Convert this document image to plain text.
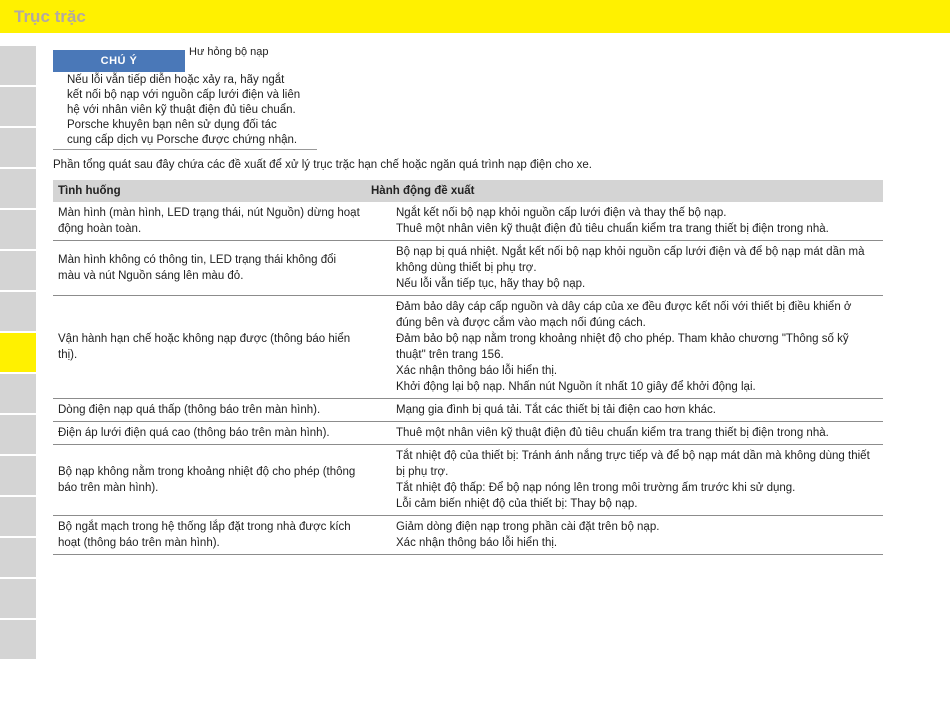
Trục trặc
CHÚ Ý
Hư hỏng bộ nạp
Nếu lỗi vẫn tiếp diễn hoặc xảy ra, hãy ngắt
kết nối bộ nạp với nguồn cấp lưới điện và liên
hệ với nhân viên kỹ thuật điện đủ tiêu chuẩn.
Porsche khuyên bạn nên sử dụng đối tác
cung cấp dịch vụ Porsche được chứng nhận.
Phần tổng quát sau đây chứa các đề xuất để xử lý trục trặc hạn chế hoặc ngăn quá trình nạp điện cho xe.
Tình huống	Hành động đề xuất
Màn hình (màn hình, LED trạng thái, nút Nguồn) dừng hoạt động hoàn toàn.	Ngắt kết nối bộ nạp khỏi nguồn cấp lưới điện và thay thế bộ nạp.
Thuê một nhân viên kỹ thuật điện đủ tiêu chuẩn kiểm tra trang thiết bị điện trong nhà.

Màn hình không có thông tin, LED trạng thái không đổi màu và nút Nguồn sáng lên màu đỏ.	Bộ nạp bị quá nhiệt. Ngắt kết nối bộ nạp khỏi nguồn cấp lưới điện và để bộ nạp mát dần mà không dùng thiết bị phụ trợ.
Nếu lỗi vẫn tiếp tục, hãy thay bộ nạp.

Vận hành hạn chế hoặc không nạp được (thông báo hiển thị).	Đảm bảo dây cáp cấp nguồn và dây cáp của xe đều được kết nối với thiết bị điều khiển ở đúng bên và được cắm vào mạch nối đúng cách.
Đảm bảo bộ nạp nằm trong khoảng nhiệt độ cho phép. Tham khảo chương "Thông số kỹ thuật" trên trang 156.
Xác nhận thông báo lỗi hiển thị.
Khởi động lại bộ nạp. Nhấn nút Nguồn ít nhất 10 giây để khởi động lại.

Dòng điện nạp quá thấp (thông báo trên màn hình).	Mạng gia đình bị quá tải. Tắt các thiết bị tải điện cao hơn khác.

Điện áp lưới điện quá cao (thông báo trên màn hình).	Thuê một nhân viên kỹ thuật điện đủ tiêu chuẩn kiểm tra trang thiết bị điện trong nhà.

Bộ nạp không nằm trong khoảng nhiệt độ cho phép (thông báo trên màn hình).	Tắt nhiệt độ của thiết bị: Tránh ánh nắng trực tiếp và để bộ nạp mát dần mà không dùng thiết bị phụ trợ.
Tắt nhiệt độ thấp: Để bộ nạp nóng lên trong môi trường ấm trước khi sử dụng.
Lỗi cảm biến nhiệt độ của thiết bị: Thay bộ nạp.

Bộ ngắt mạch trong hệ thống lắp đặt trong nhà được kích hoạt (thông báo trên màn hình).	Giảm dòng điện nạp trong phần cài đặt trên bộ nạp.
Xác nhận thông báo lỗi hiển thị.
